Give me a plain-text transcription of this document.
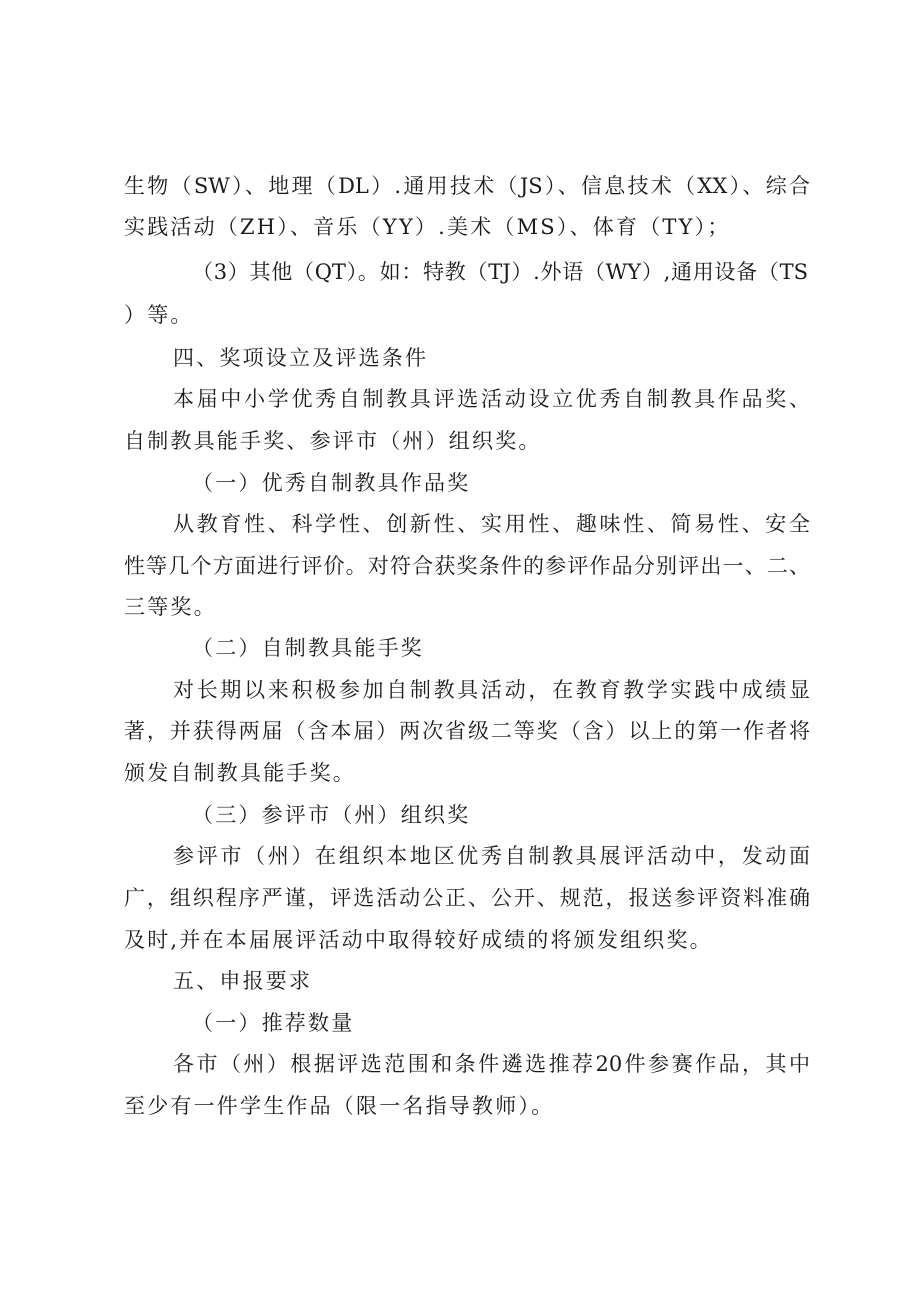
生物（SW）、地理（DL）.通用技术（JS）、信息技术（XX）、综合
实践活动（ZH）、音乐（YY）.美术（MS）、体育（TY）；
（3）其他（QT）。如：特教（TJ）.外语（WY）,通用设备（TS
）等。
四、奖项设立及评选条件
本届中小学优秀自制教具评选活动设立优秀自制教具作品奖、
自制教具能手奖、参评市（州）组织奖。
（一）优秀自制教具作品奖
从教育性、科学性、创新性、实用性、趣味性、简易性、安全
性等几个方面进行评价。对符合获奖条件的参评作品分别评出一、二、
三等奖。
（二）自制教具能手奖
对长期以来积极参加自制教具活动，在教育教学实践中成绩显
著，并获得两届（含本届）两次省级二等奖（含）以上的第一作者将
颁发自制教具能手奖。
（三）参评市（州）组织奖
参评市（州）在组织本地区优秀自制教具展评活动中，发动面
广，组织程序严谨，评选活动公正、公开、规范，报送参评资料准确
及时,并在本届展评活动中取得较好成绩的将颁发组织奖。
五、申报要求
（一）推荐数量
各市（州）根据评选范围和条件遴选推荐20件参赛作品，其中
至少有一件学生作品（限一名指导教师）。
